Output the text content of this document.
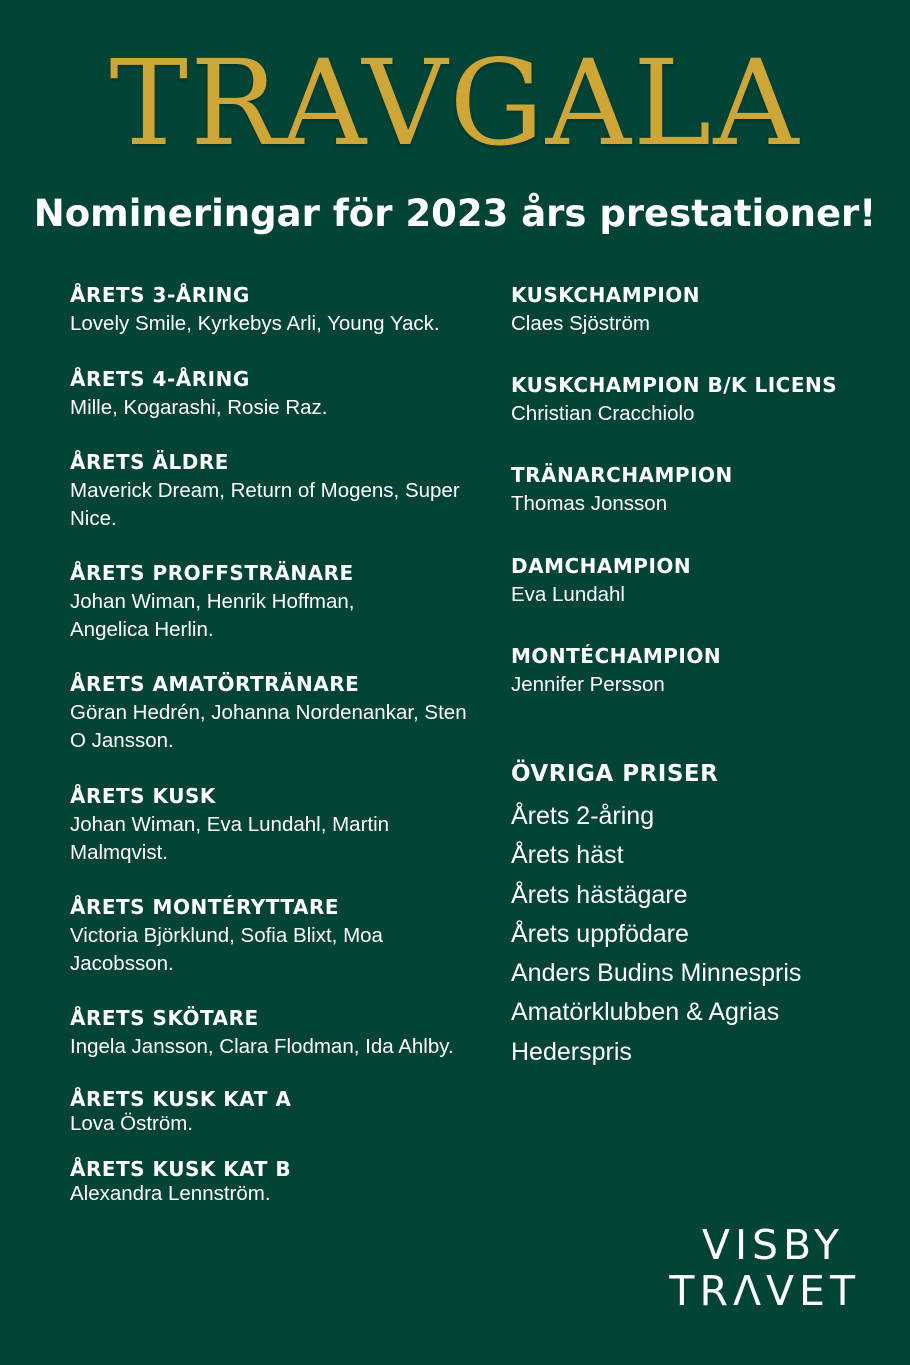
TRAVGALA
Nomineringar för 2023 års prestationer!
ÅRETS 3-ÅRING
Lovely Smile, Kyrkebys Arli, Young Yack.
ÅRETS 4-ÅRING
Mille, Kogarashi, Rosie Raz.
ÅRETS ÄLDRE
Maverick Dream, Return of Mogens, Super Nice.
ÅRETS PROFFSTRÄNARE
Johan Wiman, Henrik Hoffman, Angelica Herlin.
ÅRETS AMATÖRTRÄNARE
Göran Hedrén, Johanna Nordenankar, Sten O Jansson.
ÅRETS KUSK
Johan Wiman, Eva Lundahl, Martin Malmqvist.
ÅRETS MONTÉRYTTARE
Victoria Björklund, Sofia Blixt, Moa Jacobsson.
ÅRETS SKÖTARE
Ingela Jansson, Clara Flodman, Ida Ahlby.
ÅRETS KUSK KAT A
Lova Öström.
ÅRETS KUSK KAT B
Alexandra Lennström.
KUSKCHAMPION
Claes Sjöström
KUSKCHAMPION B/K LICENS
Christian Cracchiolo
TRÄNARCHAMPION
Thomas Jonsson
DAMCHAMPION
Eva Lundahl
MONTÉCHAMPION
Jennifer Persson
ÖVRIGA PRISER
Årets 2-åring
Årets häst
Årets hästägare
Årets uppfödare
Anders Budins Minnespris
Amatörklubben & Agrias
Hederspris
VISBY
TRΛVET
